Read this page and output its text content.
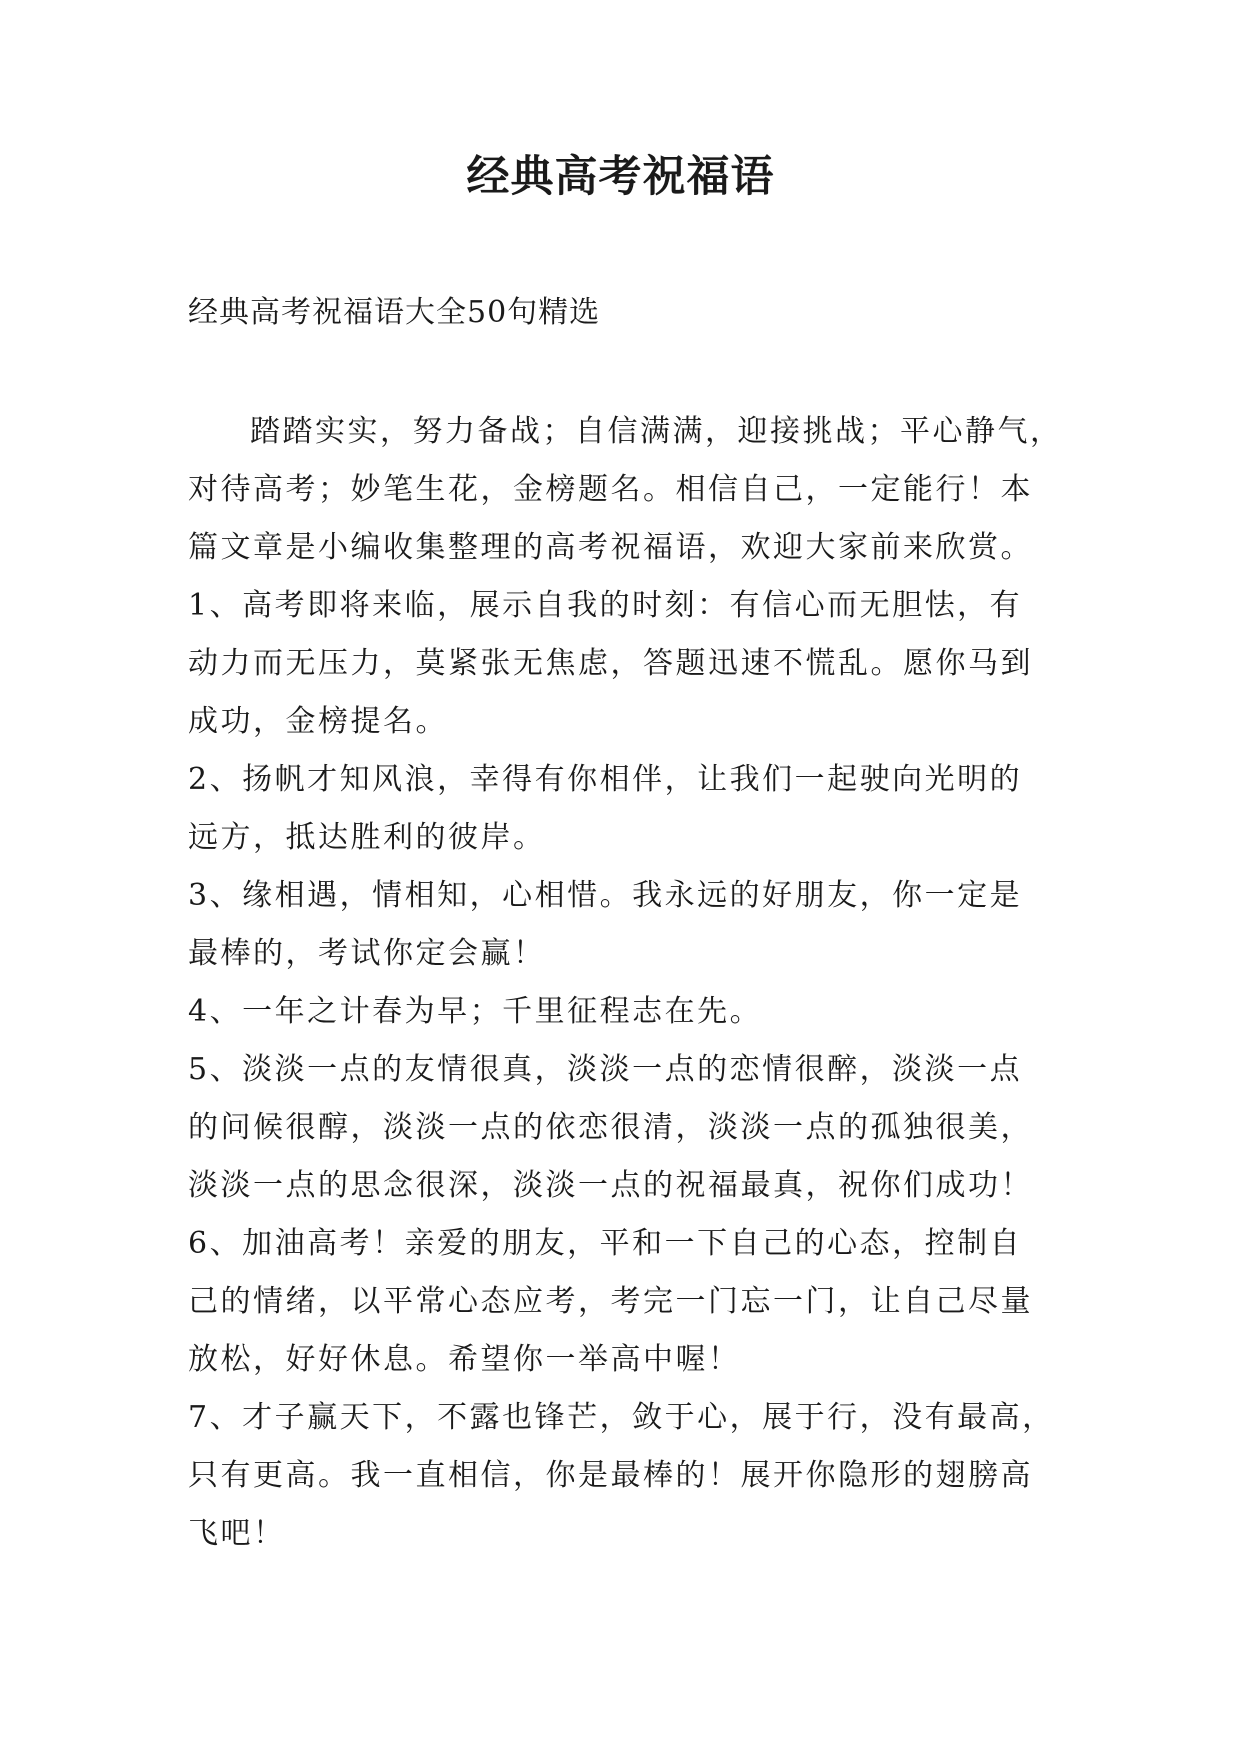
经典高考祝福语

经典高考祝福语大全50句精选

踏踏实实，努力备战；自信满满，迎接挑战；平心静气，
对待高考；妙笔生花，金榜题名。相信自己，一定能行！本
篇文章是小编收集整理的高考祝福语，欢迎大家前来欣赏。
1、高考即将来临，展示自我的时刻：有信心而无胆怯，有
动力而无压力，莫紧张无焦虑，答题迅速不慌乱。愿你马到
成功，金榜提名。
2、扬帆才知风浪，幸得有你相伴，让我们一起驶向光明的
远方，抵达胜利的彼岸。
3、缘相遇，情相知，心相惜。我永远的好朋友，你一定是
最棒的，考试你定会赢！
4、一年之计春为早；千里征程志在先。
5、淡淡一点的友情很真，淡淡一点的恋情很醉，淡淡一点
的问候很醇，淡淡一点的依恋很清，淡淡一点的孤独很美，
淡淡一点的思念很深，淡淡一点的祝福最真，祝你们成功！
6、加油高考！亲爱的朋友，平和一下自己的心态，控制自
己的情绪，以平常心态应考，考完一门忘一门，让自己尽量
放松，好好休息。希望你一举高中喔！
7、才子赢天下，不露也锋芒，敛于心，展于行，没有最高，
只有更高。我一直相信，你是最棒的！展开你隐形的翅膀高
飞吧！
